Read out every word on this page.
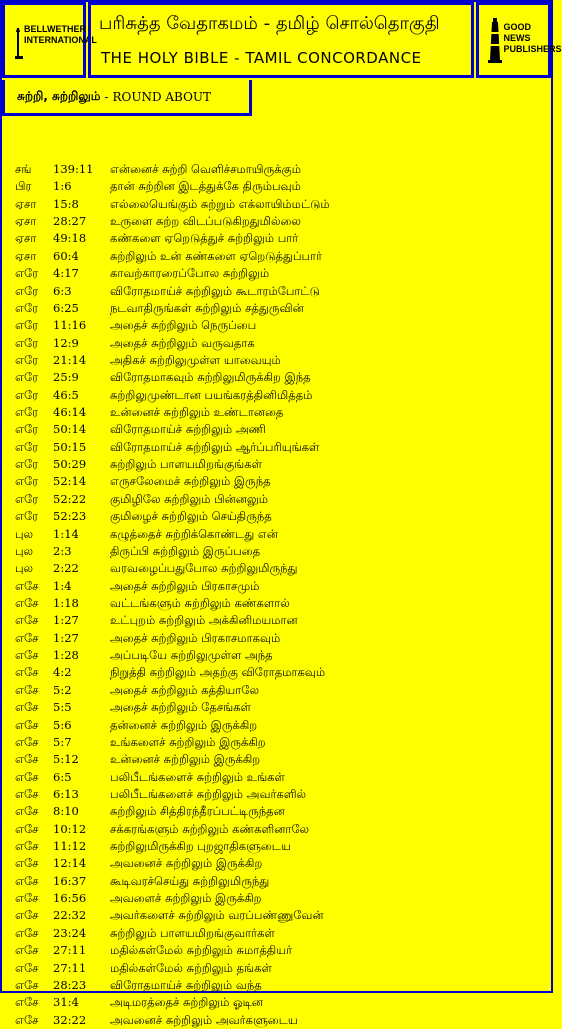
BELLWETHER INTERNATIONAL
பரிசுத்த வேதாகமம் - தமிழ் சொல்தொகுதி
THE HOLY BIBLE - TAMIL CONCORDANCE
GOOD NEWS PUBLISHERS
சுற்றி, சுற்றிலும் - ROUND ABOUT
சங் 139:11 என்னைச் சுற்றி வெளிச்சமாயிருக்கும்
பிர 1:6	தான் சுற்றின இடத்துக்கே திரும்பவும்
ஏசா 15:8	எல்லையெங்கும் சுற்றும் எக்லாயிம்மட்டும்
ஏசா 28:27 உருளை சுற்ற விடப்படுகிறதுமில்லை
ஏசா 49:18 கண்களை ஏறெடுத்துச் சுற்றிலும் பார்
ஏசா 60:4	சுற்றிலும் உன் கண்களை ஏறெடுத்துப்பார்
எரே 4:17	காவற்காரரைப்போல சுற்றிலும்
எரே 6:3	விரோதமாய்ச் சுற்றிலும் கூடாரம்போட்டு
எரே 6:25	நடவாதிருங்கள் சுற்றிலும் சத்துருவின்
எரே 11:16 அதைச் சுற்றிலும் நெருப்பை
எரே 12:9	அதைச் சுற்றிலும் வருவதாக
எரே 21:14 அதிகச் சுற்றிலுமுள்ள யாவையும்
எரே 25:9	விரோதமாகவும் சுற்றிலுமிருக்கிற இந்த
எரே 46:5	சுற்றிலுமுண்டான பயங்கரத்தினிமித்தம்
எரே 46:14 உன்னைச் சுற்றிலும் உண்டானதை
எரே 50:14 விரோதமாய்ச் சுற்றிலும் அணி
எரே 50:15 விரோதமாய்ச் சுற்றிலும் ஆர்ப்பரியுங்கள்
எரே 50:29 சுற்றிலும் பாளயமிறங்குங்கள்
எரே 52:14 எருசலேமைச் சுற்றிலும் இருந்த
எரே 52:22 குமிழிலே சுற்றிலும் பின்னலும்
எரே 52:23 குமிழைச் சுற்றிலும் செய்திருந்த
புல 1:14	கழுத்தைச் சுற்றிக்கொண்டது என்
புல 2:3	திருப்பி சுற்றிலும் இருப்பதை
புல 2:22	வரவழைப்பதுபோல சுற்றிலுமிருந்து
எசே 1:4	அதைச் சுற்றிலும் பிரகாசமும்
எசே 1:18	வட்டங்களும் சுற்றிலும் கண்களால்
எசே 1:27	உட்புறம் சுற்றிலும் அக்கினிமயமான
எசே 1:27	அதைச் சுற்றிலும் பிரகாசமாகவும்
எசே 1:28	அப்படியே சுற்றிலுமுள்ள அந்த
எசே 4:2	நிறுத்தி சுற்றிலும் அதற்கு விரோதமாகவும்
எசே 5:2	அதைச் சுற்றிலும் கத்தியாலே
எசே 5:5	அதைச் சுற்றிலும் தேசங்கள்
எசே 5:6	தன்னைச் சுற்றிலும் இருக்கிற
எசே 5:7	உங்களைச் சுற்றிலும் இருக்கிற
எசே 5:12	உன்னைச் சுற்றிலும் இருக்கிற
எசே 6:5	பலிபீடங்களைச் சுற்றிலும் உங்கள்
எசே 6:13	பலிபீடங்களைச் சுற்றிலும் அவர்களில்
எசே 8:10	சுற்றிலும் சித்திரந்தீரப்பட்டிருந்தன
எசே 10:12 சக்கரங்களும் சுற்றிலும் கண்களினாலே
எசே 11:12 சுற்றிலுமிருக்கிற புறஜாதிகளுடைய
எசே 12:14 அவனைச் சுற்றிலும் இருக்கிற
எசே 16:37 கூடிவரச்செய்து சுற்றிலுமிருந்து
எசே 16:56 அவளைச் சுற்றிலும் இருக்கிற
எசே 22:32 அவர்களைச் சுற்றிலும் வரப்பண்ணுவேன்
எசே 23:24 சுற்றிலும் பாளயமிறங்குவார்கள்
எசே 27:11 மதில்கள்மேல் சுற்றிலும் சுமாத்தியர்
எசே 27:11 மதில்கள்மேல் சுற்றிலும் தங்கள்
எசே 28:23 விரோதமாய்ச் சுற்றிலும் வந்த
எசே 31:4	அடிமரத்தைச் சுற்றிலும் ஓடின
எசே 32:22 அவனைச் சுற்றிலும் அவர்களுடைய
